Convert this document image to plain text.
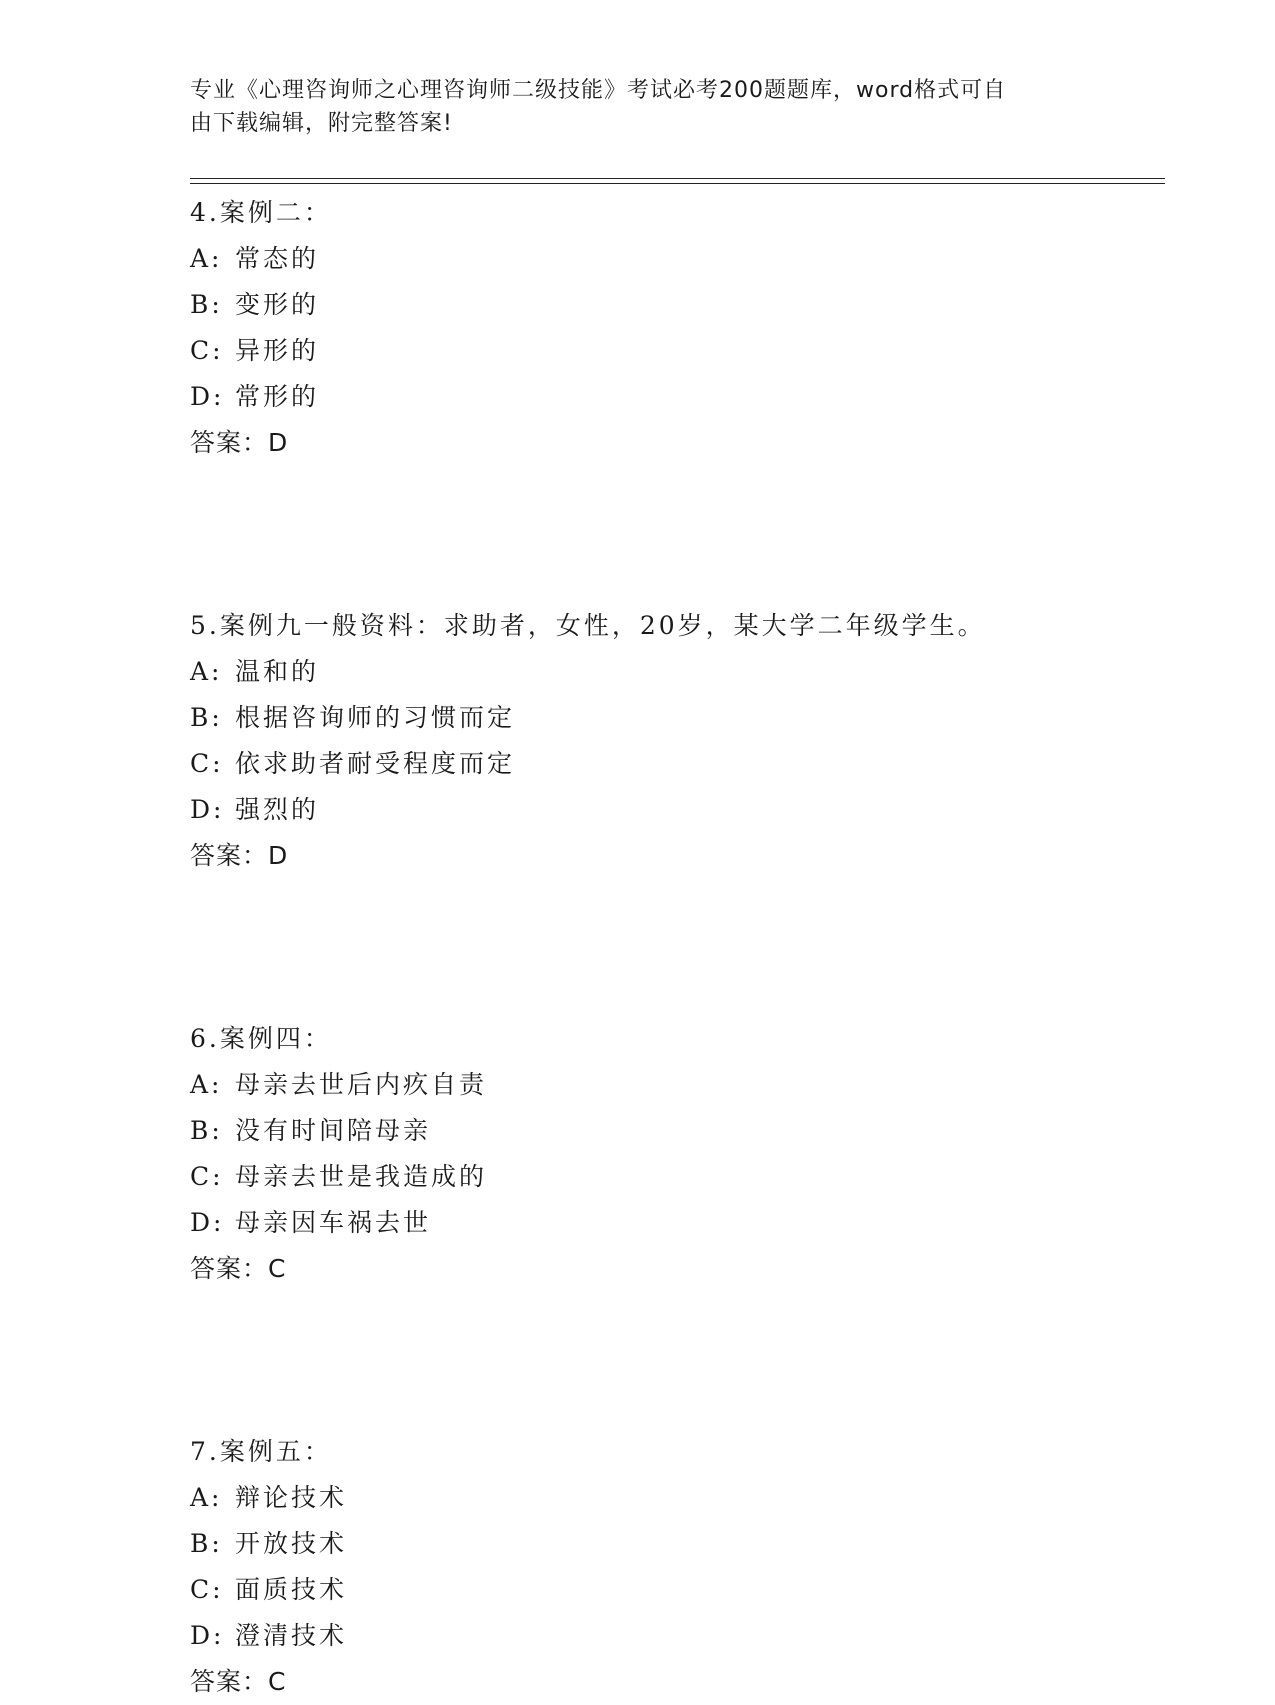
专业《心理咨询师之心理咨询师二级技能》考试必考200题题库，word格式可自
由下载编辑，附完整答案!
4.案例二：
A: 常态的
B: 变形的
C: 异形的
D: 常形的
答案：D
5.案例九一般资料：求助者，女性，20岁，某大学二年级学生。
A: 温和的
B: 根据咨询师的习惯而定
C: 依求助者耐受程度而定
D: 强烈的
答案：D
6.案例四：
A: 母亲去世后内疚自责
B: 没有时间陪母亲
C: 母亲去世是我造成的
D: 母亲因车祸去世
答案：C
7.案例五：
A: 辩论技术
B: 开放技术
C: 面质技术
D: 澄清技术
答案：C
